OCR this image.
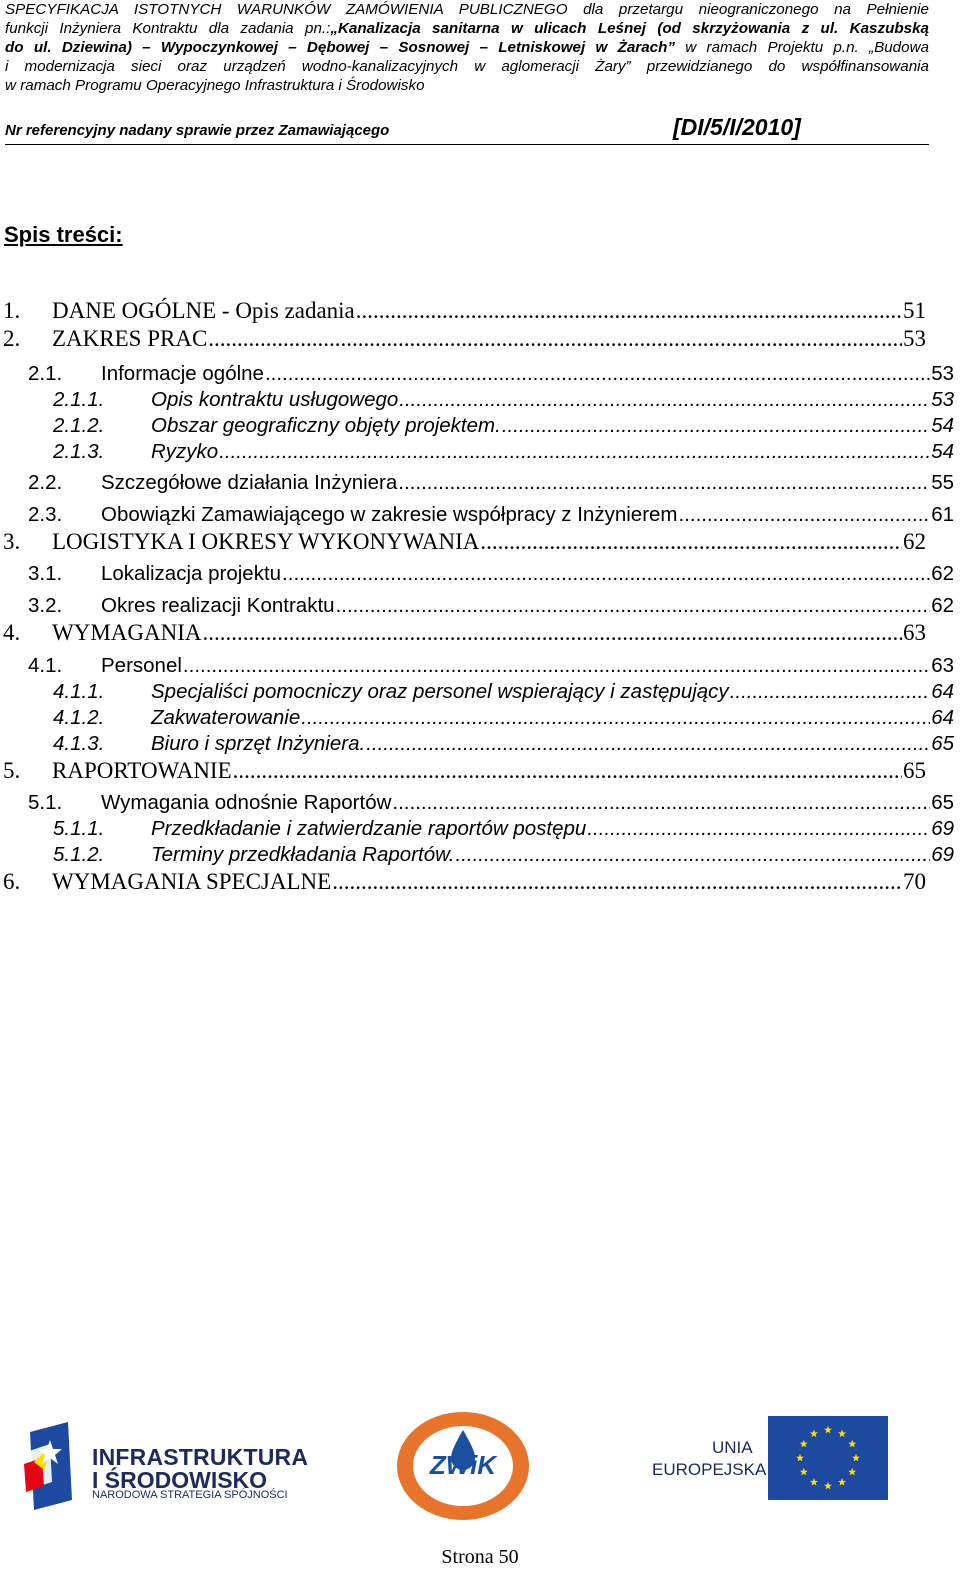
SPECYFIKACJA ISTOTNYCH WARUNKÓW ZAMÓWIENIA PUBLICZNEGO dla przetargu nieograniczonego na Pełnienie

funkcji Inżyniera Kontraktu dla zadania pn.:„Kanalizacja sanitarna w ulicach Leśnej (od skrzyżowania z ul. Kaszubską

do ul. Dziewina) – Wypoczynkowej – Dębowej – Sosnowej – Letniskowej w Żarach” w ramach Projektu p.n. „Budowa

i modernizacja sieci oraz urządzeń wodno-kanalizacyjnych w aglomeracji Żary” przewidzianego do współfinansowania

w ramach Programu Operacyjnego Infrastruktura i Środowisko

Nr referencyjny nadany sprawie przez Zamawiającego	[DI/5/I/2010]
Spis treści:
1.	DANE OGÓLNE - Opis zadania .....	51
2.	ZAKRES PRAC .....	53
2.1.	Informacje ogólne .....	53
2.1.1.	Opis kontraktu usługowego .....	53
2.1.2.	Obszar geograficzny objęty projektem. .....	54
2.1.3.	Ryzyko .....	54
2.2.	Szczegółowe działania Inżyniera .....	55
2.3.	Obowiązki Zamawiającego w zakresie współpracy z Inżynierem .....	61
3.	LOGISTYKA I OKRESY WYKONYWANIA .....	62
3.1.	Lokalizacja projektu .....	62
3.2.	Okres realizacji Kontraktu .....	62
4.	WYMAGANIA .....	63
4.1.	Personel .....	63
4.1.1.	Specjaliści pomocniczy oraz personel wspierający i zastępujący .....	64
4.1.2.	Zakwaterowanie .....	64
4.1.3.	Biuro i sprzęt Inżyniera. .....	65
5.	RAPORTOWANIE .....	65
5.1.	Wymagania odnośnie Raportów .....	65
5.1.1.	Przedkładanie i zatwierdzanie raportów postępu .....	69
5.1.2.	Terminy przedkładania Raportów. .....	69
6.	WYMAGANIA SPECJALNE .....	70
INFRASTRUKTURA
I ŚRODOWISKO
NARODOWA STRATEGIA SPÓJNOŚCI
ZWiK
UNIA
EUROPEJSKA
Strona 50
